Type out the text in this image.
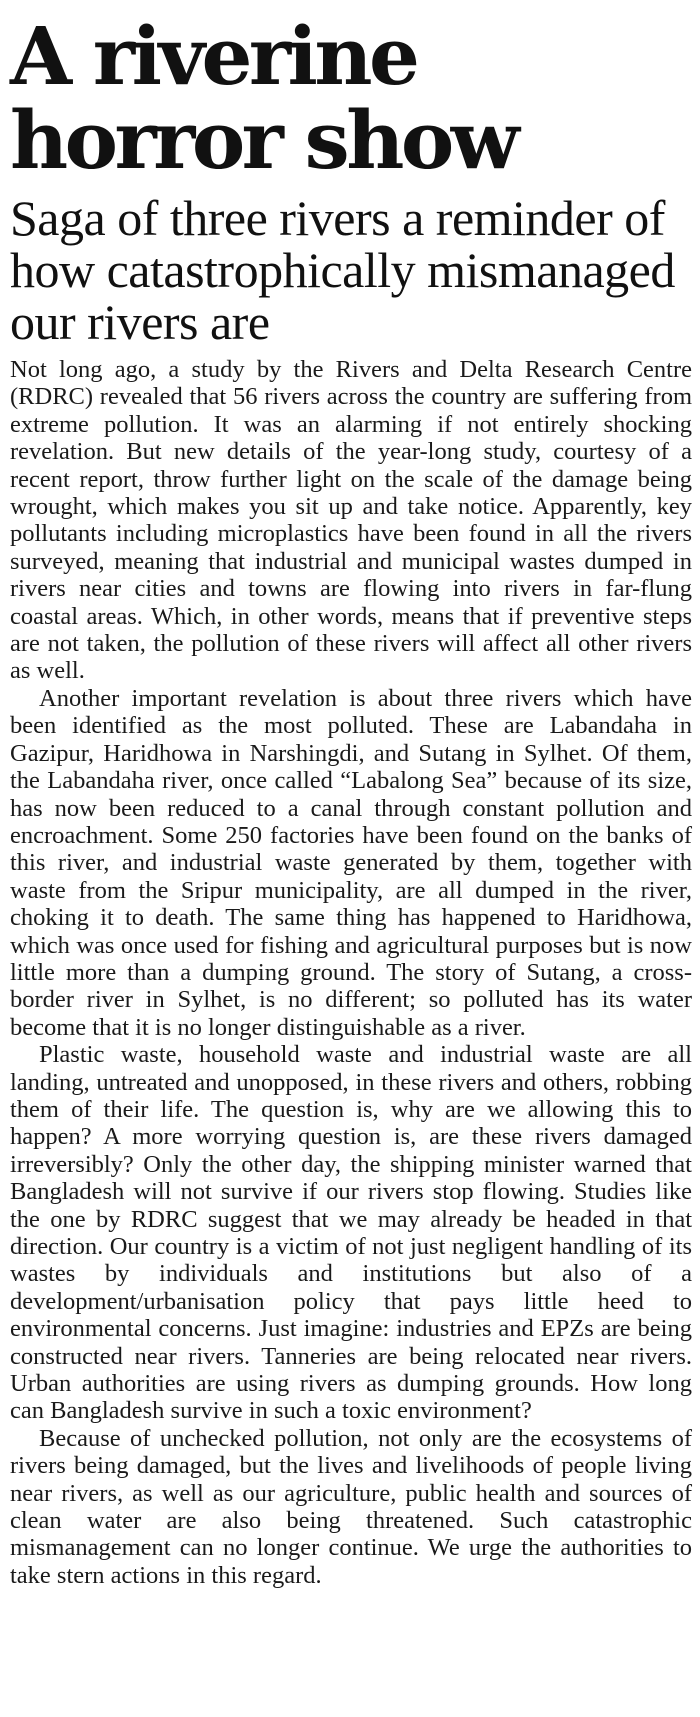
A riverine horror show
Saga of three rivers a reminder of how catastrophically mismanaged our rivers are

Not long ago, a study by the Rivers and Delta Research Centre (RDRC) revealed that 56 rivers across the country are suffering from extreme pollution. It was an alarming if not entirely shocking revelation. But new details of the year-long study, courtesy of a recent report, throw further light on the scale of the damage being wrought, which makes you sit up and take notice. Apparently, key pollutants including microplastics have been found in all the rivers surveyed, meaning that industrial and municipal wastes dumped in rivers near cities and towns are flowing into rivers in far-flung coastal areas. Which, in other words, means that if preventive steps are not taken, the pollution of these rivers will affect all other rivers as well.

Another important revelation is about three rivers which have been identified as the most polluted. These are Labandaha in Gazipur, Haridhowa in Narshingdi, and Sutang in Sylhet. Of them, the Labandaha river, once called “Labalong Sea” because of its size, has now been reduced to a canal through constant pollution and encroachment. Some 250 factories have been found on the banks of this river, and industrial waste generated by them, together with waste from the Sripur municipality, are all dumped in the river, choking it to death. The same thing has happened to Haridhowa, which was once used for fishing and agricultural purposes but is now little more than a dumping ground. The story of Sutang, a cross-border river in Sylhet, is no different; so polluted has its water become that it is no longer distinguishable as a river.

Plastic waste, household waste and industrial waste are all landing, untreated and unopposed, in these rivers and others, robbing them of their life. The question is, why are we allowing this to happen? A more worrying question is, are these rivers damaged irreversibly? Only the other day, the shipping minister warned that Bangladesh will not survive if our rivers stop flowing. Studies like the one by RDRC suggest that we may already be headed in that direction. Our country is a victim of not just negligent handling of its wastes by individuals and institutions but also of a development/urbanisation policy that pays little heed to environmental concerns. Just imagine: industries and EPZs are being constructed near rivers. Tanneries are being relocated near rivers. Urban authorities are using rivers as dumping grounds. How long can Bangladesh survive in such a toxic environment?

Because of unchecked pollution, not only are the ecosystems of rivers being damaged, but the lives and livelihoods of people living near rivers, as well as our agriculture, public health and sources of clean water are also being threatened. Such catastrophic mismanagement can no longer continue. We urge the authorities to take stern actions in this regard.
